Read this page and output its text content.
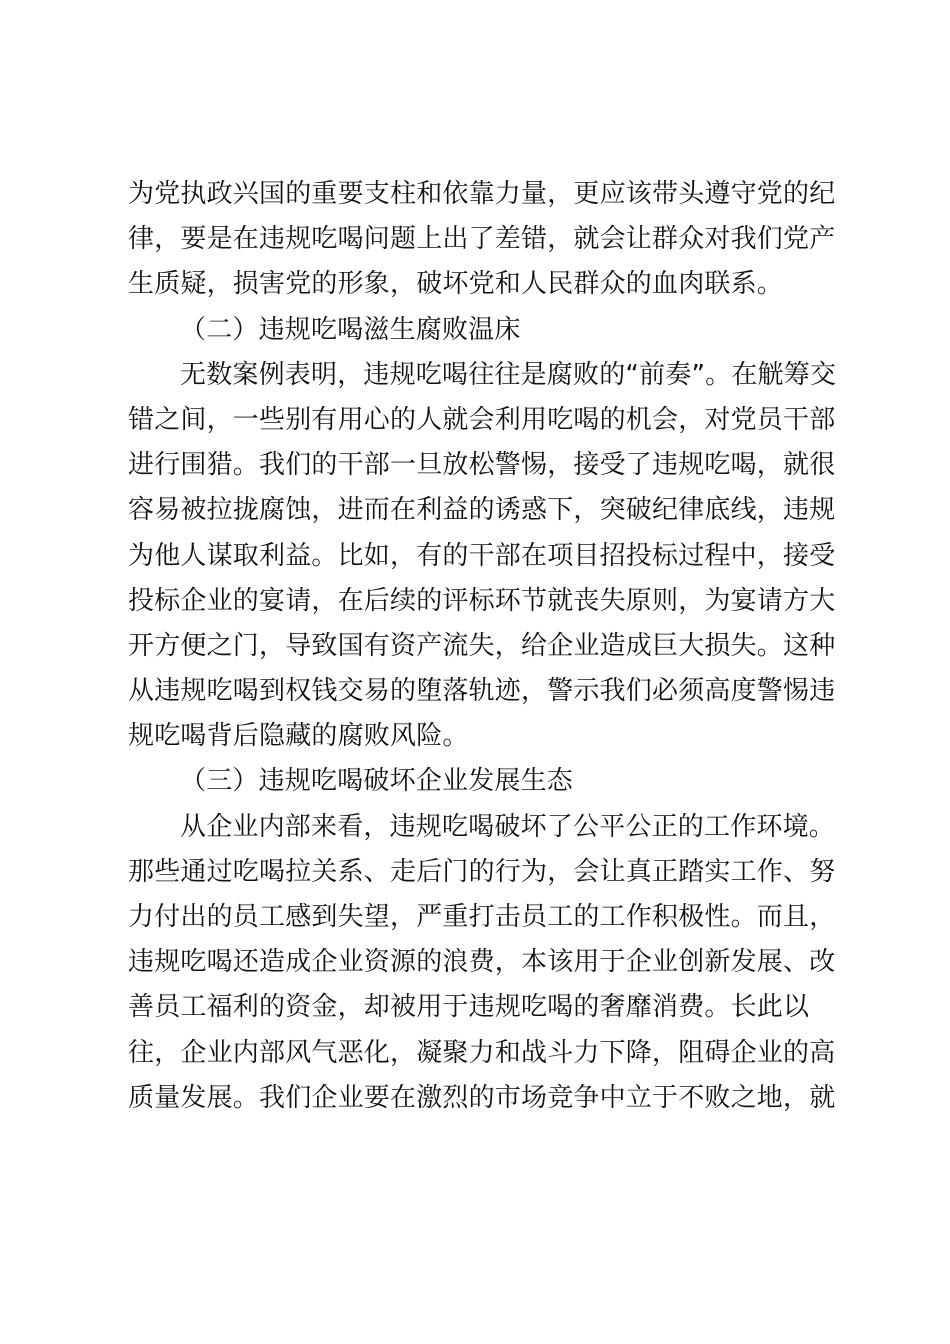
为党执政兴国的重要支柱和依靠力量，更应该带头遵守党的纪
律，要是在违规吃喝问题上出了差错，就会让群众对我们党产
生质疑，损害党的形象，破坏党和人民群众的血肉联系。
（二）违规吃喝滋生腐败温床
无数案例表明，违规吃喝往往是腐败的“前奏”。在觥筹交
错之间，一些别有用心的人就会利用吃喝的机会，对党员干部
进行围猎。我们的干部一旦放松警惕，接受了违规吃喝，就很
容易被拉拢腐蚀，进而在利益的诱惑下，突破纪律底线，违规
为他人谋取利益。比如，有的干部在项目招投标过程中，接受
投标企业的宴请，在后续的评标环节就丧失原则，为宴请方大
开方便之门，导致国有资产流失，给企业造成巨大损失。这种
从违规吃喝到权钱交易的堕落轨迹，警示我们必须高度警惕违
规吃喝背后隐藏的腐败风险。
（三）违规吃喝破坏企业发展生态
从企业内部来看，违规吃喝破坏了公平公正的工作环境。
那些通过吃喝拉关系、走后门的行为，会让真正踏实工作、努
力付出的员工感到失望，严重打击员工的工作积极性。而且，
违规吃喝还造成企业资源的浪费，本该用于企业创新发展、改
善员工福利的资金，却被用于违规吃喝的奢靡消费。长此以
往，企业内部风气恶化，凝聚力和战斗力下降，阻碍企业的高
质量发展。我们企业要在激烈的市场竞争中立于不败之地，就
